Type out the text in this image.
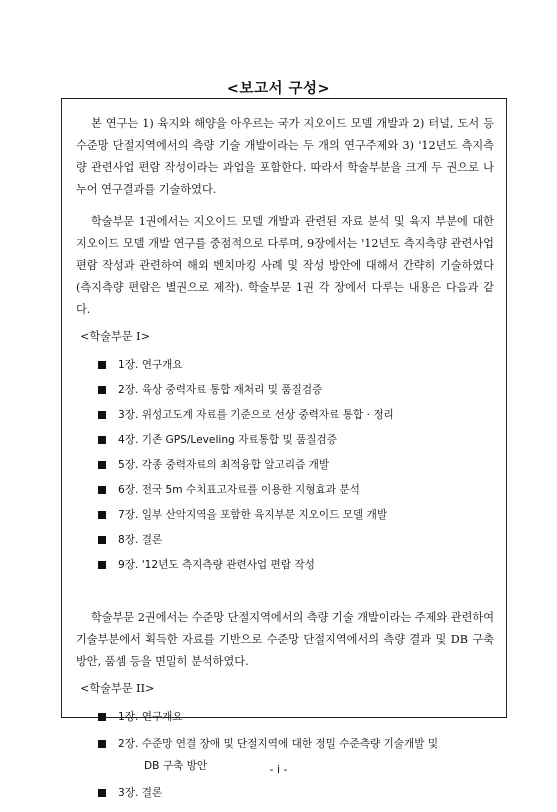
<보고서 구성>

본 연구는 1) 육지와 해양을 아우르는 국가 지오이드 모델 개발과 2) 터널, 도서 등 수준망 단절지역에서의 측량 기술 개발이라는 두 개의 연구주제와 3) '12년도 측지측량 관련사업 편람 작성이라는 과업을 포함한다. 따라서 학술부분을 크게 두 권으로 나누어 연구결과를 기술하였다.

학술부문 1권에서는 지오이드 모델 개발과 관련된 자료 분석 및 육지 부분에 대한 지오이드 모델 개발 연구를 중점적으로 다루며, 9장에서는 '12년도 측지측량 관련사업 편람 작성과 관련하여 해외 벤치마킹 사례 및 작성 방안에 대해서 간략히 기술하였다(측지측량 편람은 별권으로 제작). 학술부문 1권 각 장에서 다루는 내용은 다음과 같다.

<학술부문 I>
1장. 연구개요
2장. 육상 중력자료 통합 재처리 및 품질검증
3장. 위성고도계 자료를 기준으로 선상 중력자료 통합 · 정리
4장. 기존 GPS/Leveling 자료통합 및 품질검증
5장. 각종 중력자료의 최적융합 알고리즘 개발
6장. 전국 5m 수치표고자료를 이용한 지형효과 분석
7장. 일부 산악지역을 포함한 육지부분 지오이드 모델 개발
8장. 결론
9장. '12년도 측지측량 관련사업 편람 작성

학술부문 2권에서는 수준망 단절지역에서의 측량 기술 개발이라는 주제와 관련하여 기술부분에서 획득한 자료를 기반으로 수준망 단절지역에서의 측량 결과 및 DB 구축 방안, 품셈 등을 면밀히 분석하였다.

<학술부문 II>
1장. 연구개요
2장. 수준망 연결 장애 및 단절지역에 대한 정밀 수준측량 기술개발 및
DB 구축 방안
3장. 결론
- i -
